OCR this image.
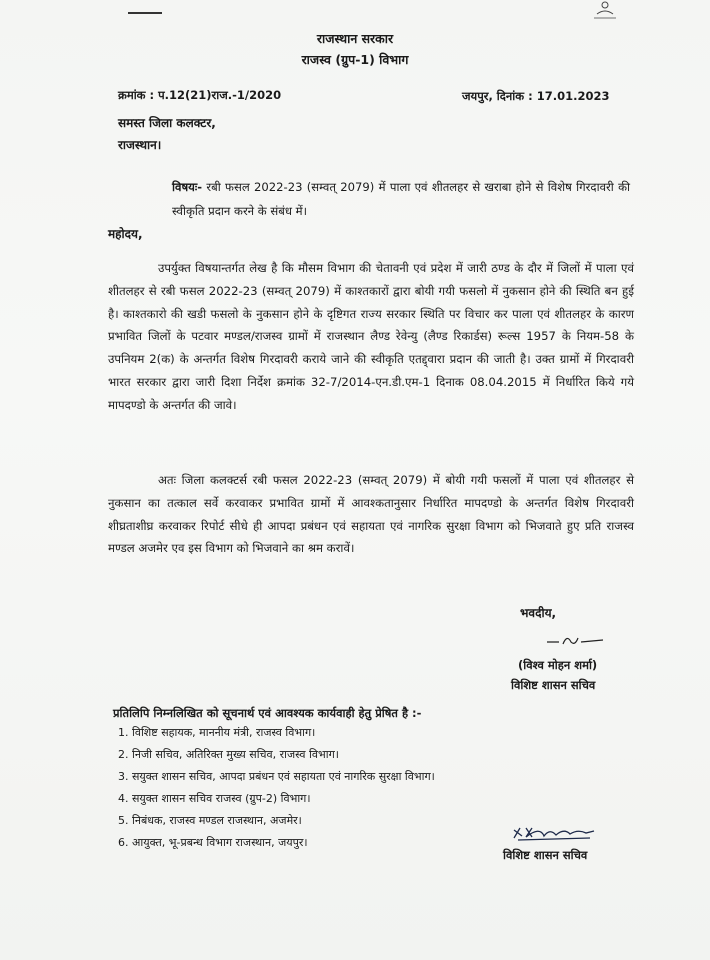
राजस्थान सरकार
राजस्व (ग्रुप-1) विभाग
क्रमांक : प.12(21)राज.-1/2020	जयपुर, दिनांक : 17.01.2023
समस्त जिला कलक्टर,
राजस्थान।
विषयः- रबी फसल 2022-23 (सम्वत् 2079) में पाला एवं शीतलहर से खराबा होने से विशेष गिरदावरी की स्वीकृति प्रदान करने के संबंध में।
महोदय,
उपर्युक्त विषयान्तर्गत लेख है कि मौसम विभाग की चेतावनी एवं प्रदेश में जारी ठण्ड के दौर में जिलों में पाला एवं शीतलहर से रबी फसल 2022-23 (सम्वत् 2079) में काश्तकारों द्वारा बोयी गयी फसलो में नुकसान होने की स्थिति बन हुई है। काश्तकारो की खडी फसलो के नुकसान होने के दृष्टिगत राज्य सरकार स्थिति पर विचार कर पाला एवं शीतलहर के कारण प्रभावित जिलों के पटवार मण्डल/राजस्व ग्रामों में राजस्थान लैण्ड रेवेन्यु (लैण्ड रिकार्डस) रूल्स 1957 के नियम-58 के उपनियम 2(क) के अन्तर्गत विशेष गिरदावरी कराये जाने की स्वीकृति एतद्द्वारा प्रदान की जाती है। उक्त ग्रामों में गिरदावरी भारत सरकार द्वारा जारी दिशा निर्देश क्रमांक 32-7/2014-एन.डी.एम-1 दिनाक 08.04.2015 में निर्धारित किये गये मापदण्डो के अन्तर्गत की जावे।
अतः जिला कलक्टर्स रबी फसल 2022-23 (सम्वत् 2079) में बोयी गयी फसलों में पाला एवं शीतलहर से नुकसान का तत्काल सर्वे करवाकर प्रभावित ग्रामों में आवश्कतानुसार निर्धारित मापदण्डो के अन्तर्गत विशेष गिरदावरी शीघ्रताशीघ्र करवाकर रिपोर्ट सीधे ही आपदा प्रबंधन एवं सहायता एवं नागरिक सुरक्षा विभाग को भिजवाते हुए प्रति राजस्व मण्डल अजमेर एव इस विभाग को भिजवाने का श्रम करावें।
भवदीय,
(विश्व मोहन शर्मा)
विशिष्ट शासन सचिव
प्रतिलिपि निम्नलिखित को सूचनार्थ एवं आवश्यक कार्यवाही हेतु प्रेषित है :-
1. विशिष्ट सहायक, माननीय मंत्री, राजस्व विभाग।
2. निजी सचिव, अतिरिक्त मुख्य सचिव, राजस्व विभाग।
3. सयुक्त शासन सचिव, आपदा प्रबंधन एवं सहायता एवं नागरिक सुरक्षा विभाग।
4. सयुक्त शासन सचिव राजस्व (ग्रुप-2) विभाग।
5. निबंधक, राजस्व मण्डल राजस्थान, अजमेर।
6. आयुक्त, भू-प्रबन्ध विभाग राजस्थान, जयपुर।
विशिष्ट शासन सचिव
